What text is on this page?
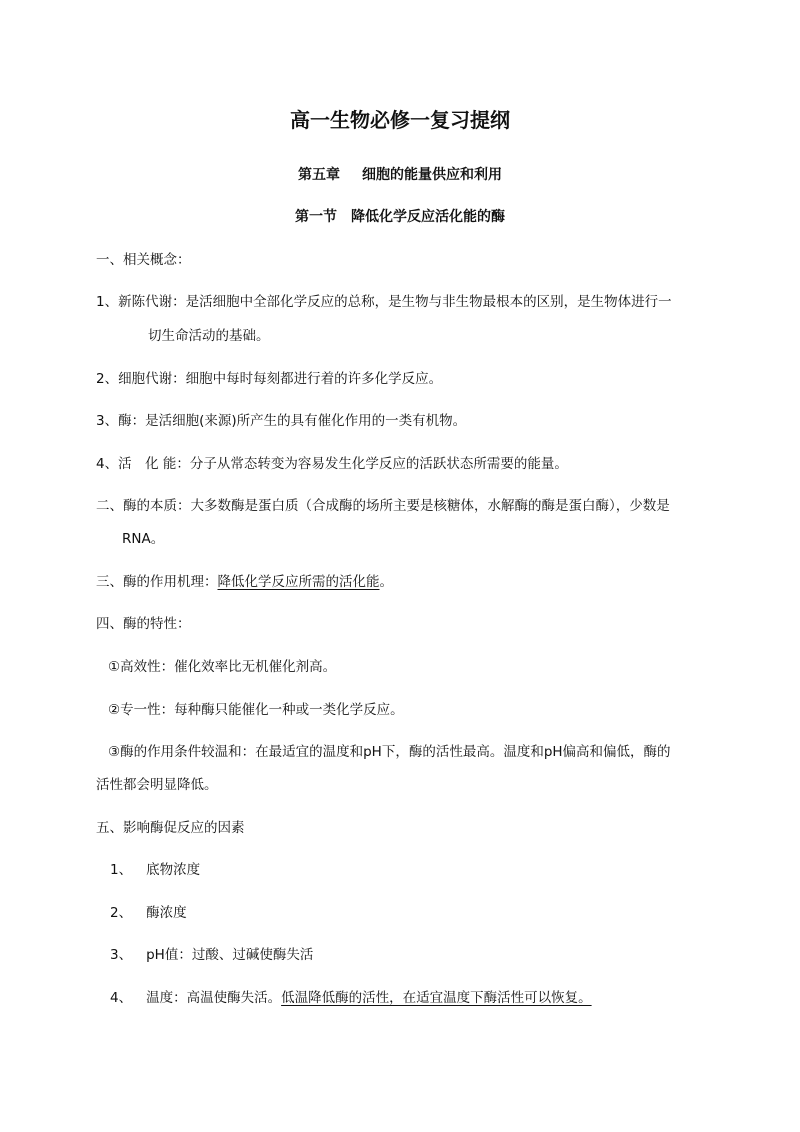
高一生物必修一复习提纲
第五章 细胞的能量供应和利用
第一节 降低化学反应活化能的酶
一、相关概念：
1、新陈代谢：是活细胞中全部化学反应的总称，是生物与非生物最根本的区别，是生物体进行一
切生命活动的基础。
2、细胞代谢：细胞中每时每刻都进行着的许多化学反应。
3、酶：是活细胞(来源)所产生的具有催化作用的一类有机物。
4、活　化 能：分子从常态转变为容易发生化学反应的活跃状态所需要的能量。
二、酶的本质：大多数酶是蛋白质（合成酶的场所主要是核糖体，水解酶的酶是蛋白酶），少数是
RNA。
三、酶的作用机理：降低化学反应所需的活化能。
四、酶的特性：
①高效性：催化效率比无机催化剂高。
②专一性：每种酶只能催化一种或一类化学反应。
③酶的作用条件较温和：在最适宜的温度和pH下，酶的活性最高。温度和pH偏高和偏低，酶的
活性都会明显降低。
五、影响酶促反应的因素
1、 底物浓度
2、 酶浓度
3、 pH值：过酸、过碱使酶失活
4、 温度：高温使酶失活。低温降低酶的活性，在适宜温度下酶活性可以恢复。
